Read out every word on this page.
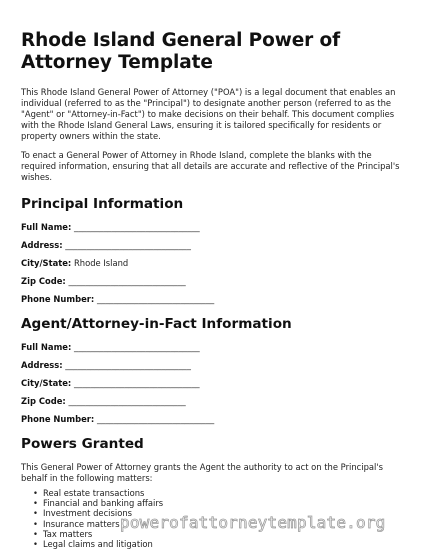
Rhode Island General Power of Attorney Template

This Rhode Island General Power of Attorney ("POA") is a legal document that enables an individual (referred to as the "Principal") to designate another person (referred to as the "Agent" or "Attorney-in-Fact") to make decisions on their behalf. This document complies with the Rhode Island General Laws, ensuring it is tailored specifically for residents or property owners within the state.

To enact a General Power of Attorney in Rhode Island, complete the blanks with the required information, ensuring that all details are accurate and reflective of the Principal's wishes.

Principal Information
Full Name: ______________________________
Address: ______________________________
City/State: Rhode Island
Zip Code: ____________________________
Phone Number: ____________________________
Agent/Attorney-in-Fact Information
Full Name: ______________________________
Address: ______________________________
City/State: ______________________________
Zip Code: ____________________________
Phone Number: ____________________________
Powers Granted

This General Power of Attorney grants the Agent the authority to act on the Principal's behalf in the following matters:

• Real estate transactions
• Financial and banking affairs
• Investment decisions
• Insurance matters
• Tax matters
• Legal claims and litigation
powerofattorneytemplate.org
